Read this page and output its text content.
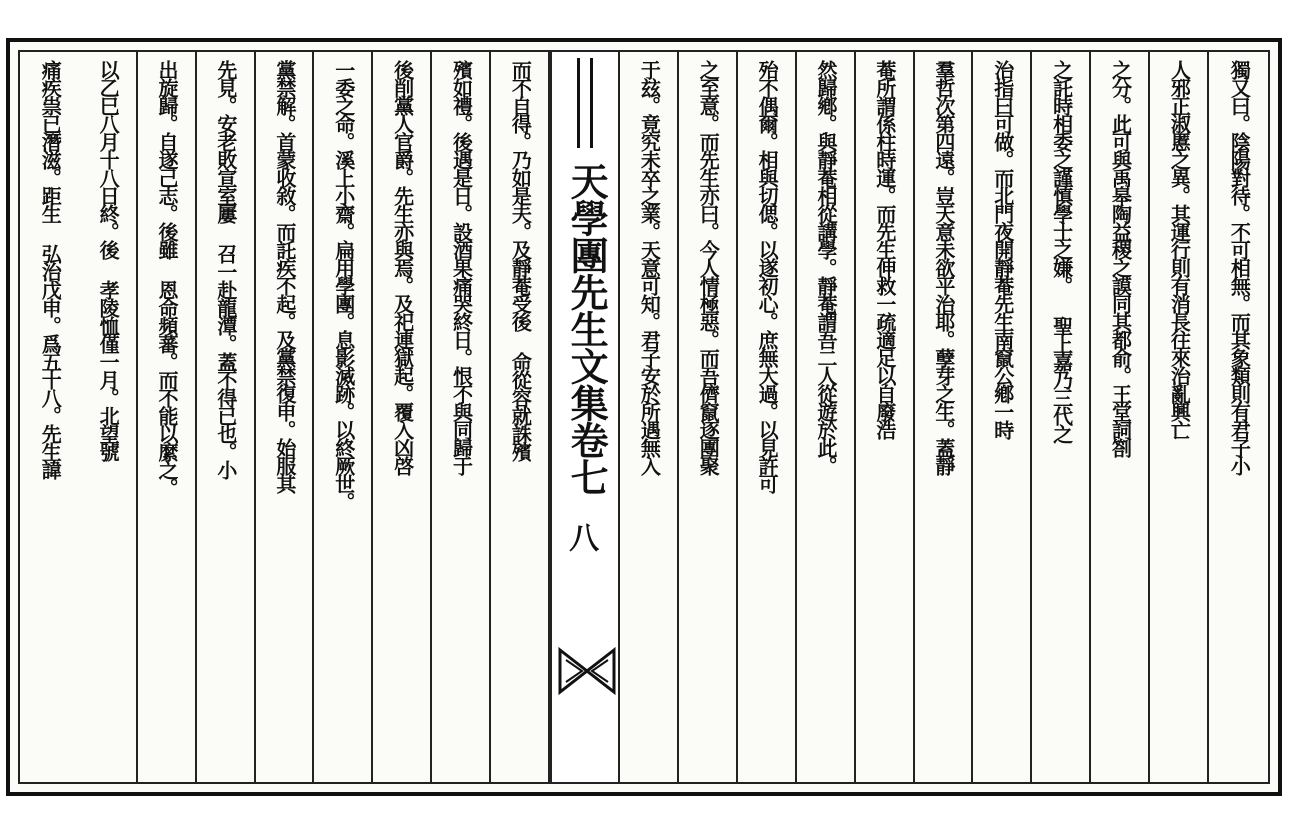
獨又曰。陰陽對待。不可相無。而其象類則有君子小
人邪正淑慝之異。其運行則有消長往來治亂興亡
之分。此可與禹皋陶益稷之謨同其都俞。王堂詞劄
之託時相委之謹慎學士之嫌。 聖上嘉乃三代之
治指曰可做。而北門夜開靜菴先生南竄公鄕一時
羣哲次第四遠。豈天意未欲平治耶。孽芽之生。蓋靜
菴所謂係柱時運。而先生伸救一疏適足以自廢浩
然歸鄕。與靜菴相從講學。靜菴謂吾二人從遊於此。
殆不偶爾。相與切偲。以遂初心。庶無大過。以見許可
之至意。而先生亦曰。今人情極惡。而吾儕竄逐團聚
于玆。竟究未卒之業。天意可知。君子安於所遇無入
天學團先生文集卷七
八
而不自得。乃如是夫。及靜菴受後 命從容就誅殯
殯如禮。後遇是日。設酒果痛哭終日。恨不與同歸于
後削黨人官爵。先生亦與焉。及祀連獄起。覆入凶啓
一委之命。溪上小齋。扁用學團。息影滅跡。以終厥世。
黨禁解。首蒙收敘。而託疾不起。及黨禁復申。始服其
先見。安老敗宣室屢 召一赴龍潭。蓋不得已也。小
出旋歸。自遂己志。後雖 恩命頻蕃。而不能以縻之。
以乙巳八月十八日終。後 孝陵恤僅一月。北望號
痛疾祟已潛滋。距生 弘治戊申。爲五十八。先生諱
